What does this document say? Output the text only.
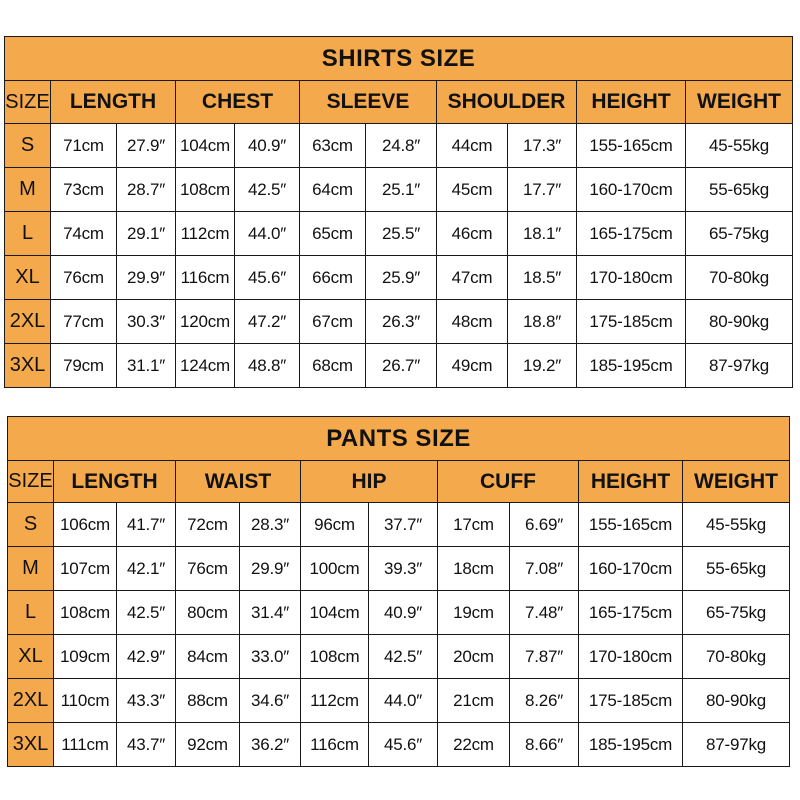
SHIRTS SIZE										
SIZE	LENGTH		CHEST		SLEEVE		SHOULDER		HEIGHT	WEIGHT
S	71cm	27.9″	104cm	40.9″	63cm	24.8″	44cm	17.3″	155-165cm	45-55kg
M	73cm	28.7″	108cm	42.5″	64cm	25.1″	45cm	17.7″	160-170cm	55-65kg
L	74cm	29.1″	112cm	44.0″	65cm	25.5″	46cm	18.1″	165-175cm	65-75kg
XL	76cm	29.9″	116cm	45.6″	66cm	25.9″	47cm	18.5″	170-180cm	70-80kg
2XL	77cm	30.3″	120cm	47.2″	67cm	26.3″	48cm	18.8″	175-185cm	80-90kg
3XL	79cm	31.1″	124cm	48.8″	68cm	26.7″	49cm	19.2″	185-195cm	87-97kg
PANTS SIZE										
SIZE	LENGTH		WAIST		HIP		CUFF		HEIGHT	WEIGHT
S	106cm	41.7″	72cm	28.3″	96cm	37.7″	17cm	6.69″	155-165cm	45-55kg
M	107cm	42.1″	76cm	29.9″	100cm	39.3″	18cm	7.08″	160-170cm	55-65kg
L	108cm	42.5″	80cm	31.4″	104cm	40.9″	19cm	7.48″	165-175cm	65-75kg
XL	109cm	42.9″	84cm	33.0″	108cm	42.5″	20cm	7.87″	170-180cm	70-80kg
2XL	110cm	43.3″	88cm	34.6″	112cm	44.0″	21cm	8.26″	175-185cm	80-90kg
3XL	111cm	43.7″	92cm	36.2″	116cm	45.6″	22cm	8.66″	185-195cm	87-97kg
